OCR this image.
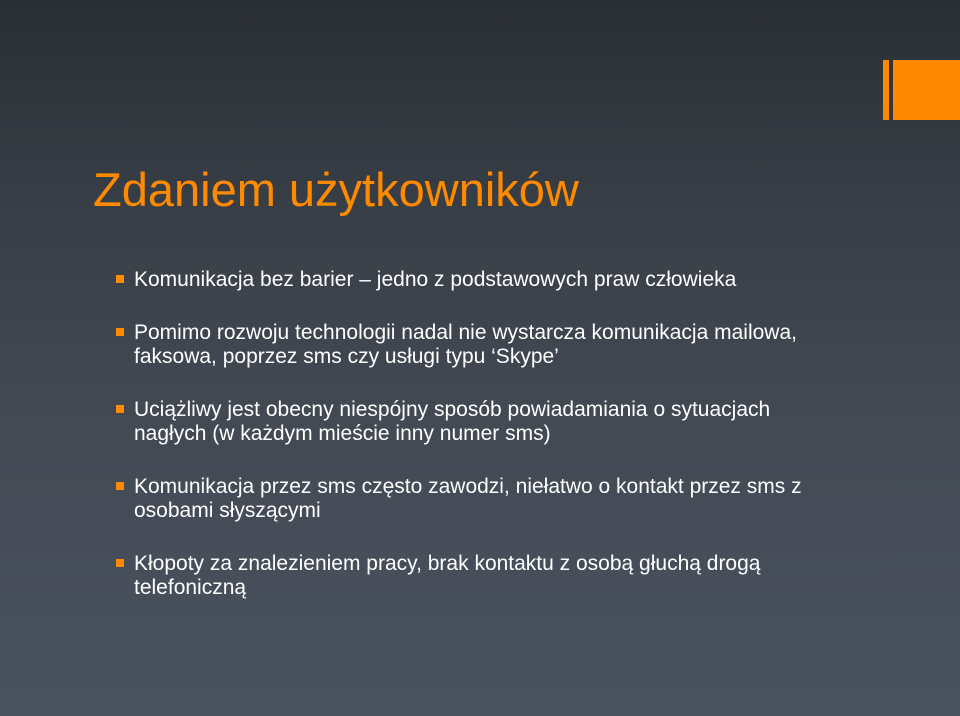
Zdaniem użytkowników
Komunikacja bez barier – jedno z podstawowych praw człowieka
Pomimo rozwoju technologii nadal nie wystarcza komunikacja mailowa, faksowa, poprzez sms czy usługi typu ‘Skype’
Uciążliwy jest obecny niespójny sposób powiadamiania o sytuacjach nagłych (w każdym mieście inny numer sms)
Komunikacja przez sms często zawodzi, niełatwo o kontakt przez sms z osobami słyszącymi
Kłopoty za znalezieniem pracy, brak kontaktu z osobą głuchą drogą telefoniczną
